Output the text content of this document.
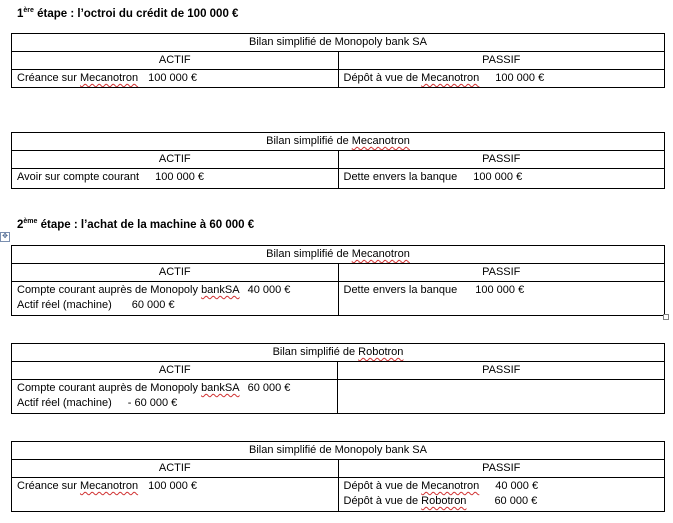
1ère étape : l’octroi du crédit de 100 000 €
Bilan simplifié de Monopoly bank SA	
ACTIF	PASSIF

Créance sur Mecanotron 100 000 €	Dépôt à vue de Mecanotron 100 000 €
Bilan simplifié de Mecanotron	
ACTIF	PASSIF

Avoir sur compte courant 100 000 €	Dette envers la banque 100 000 €
2ème étape : l’achat de la machine à 60 000 €
✥
Bilan simplifié de Mecanotron	
ACTIF	PASSIF

Compte courant auprès de Monopoly bankSA 40 000 €
Actif réel (machine) 60 000 €	Dette envers la banque 100 000 €
Bilan simplifié de Robotron	
ACTIF	PASSIF

Compte courant auprès de Monopoly bankSA 60 000 €
Actif réel (machine) - 60 000 €	

Bilan simplifié de Monopoly bank SA	
ACTIF	PASSIF

Créance sur Mecanotron 100 000 €	Dépôt à vue de Mecanotron 40 000 €
Dépôt à vue de Robotron 60 000 €
